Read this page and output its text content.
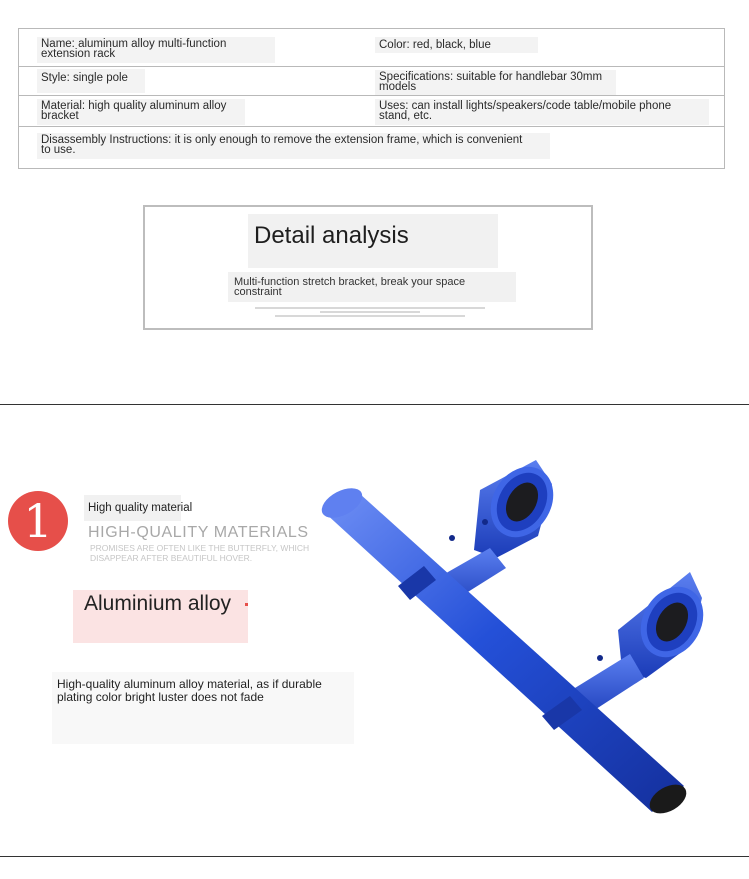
Name: aluminum alloy multi-function
extension rack
Color: red, black, blue
Style: single pole	Specifications: suitable for handlebar 30mm
models
Material: high quality aluminum alloy
bracket
Uses: can install lights/speakers/code table/mobile phone
stand, etc.
Disassembly Instructions: it is only enough to remove the extension frame, which is convenient
to use.
Detail analysis
Multi-function stretch bracket, break your space constraint
1	High quality material
HIGH-QUALITY MATERIALS
PROMISES ARE OFTEN LIKE THE BUTTERFLY, WHICH DISAPPEAR AFTER BEAUTIFUL HOVER.
Aluminium alloy
High-quality aluminum alloy material, as if durable plating color bright luster does not fade
